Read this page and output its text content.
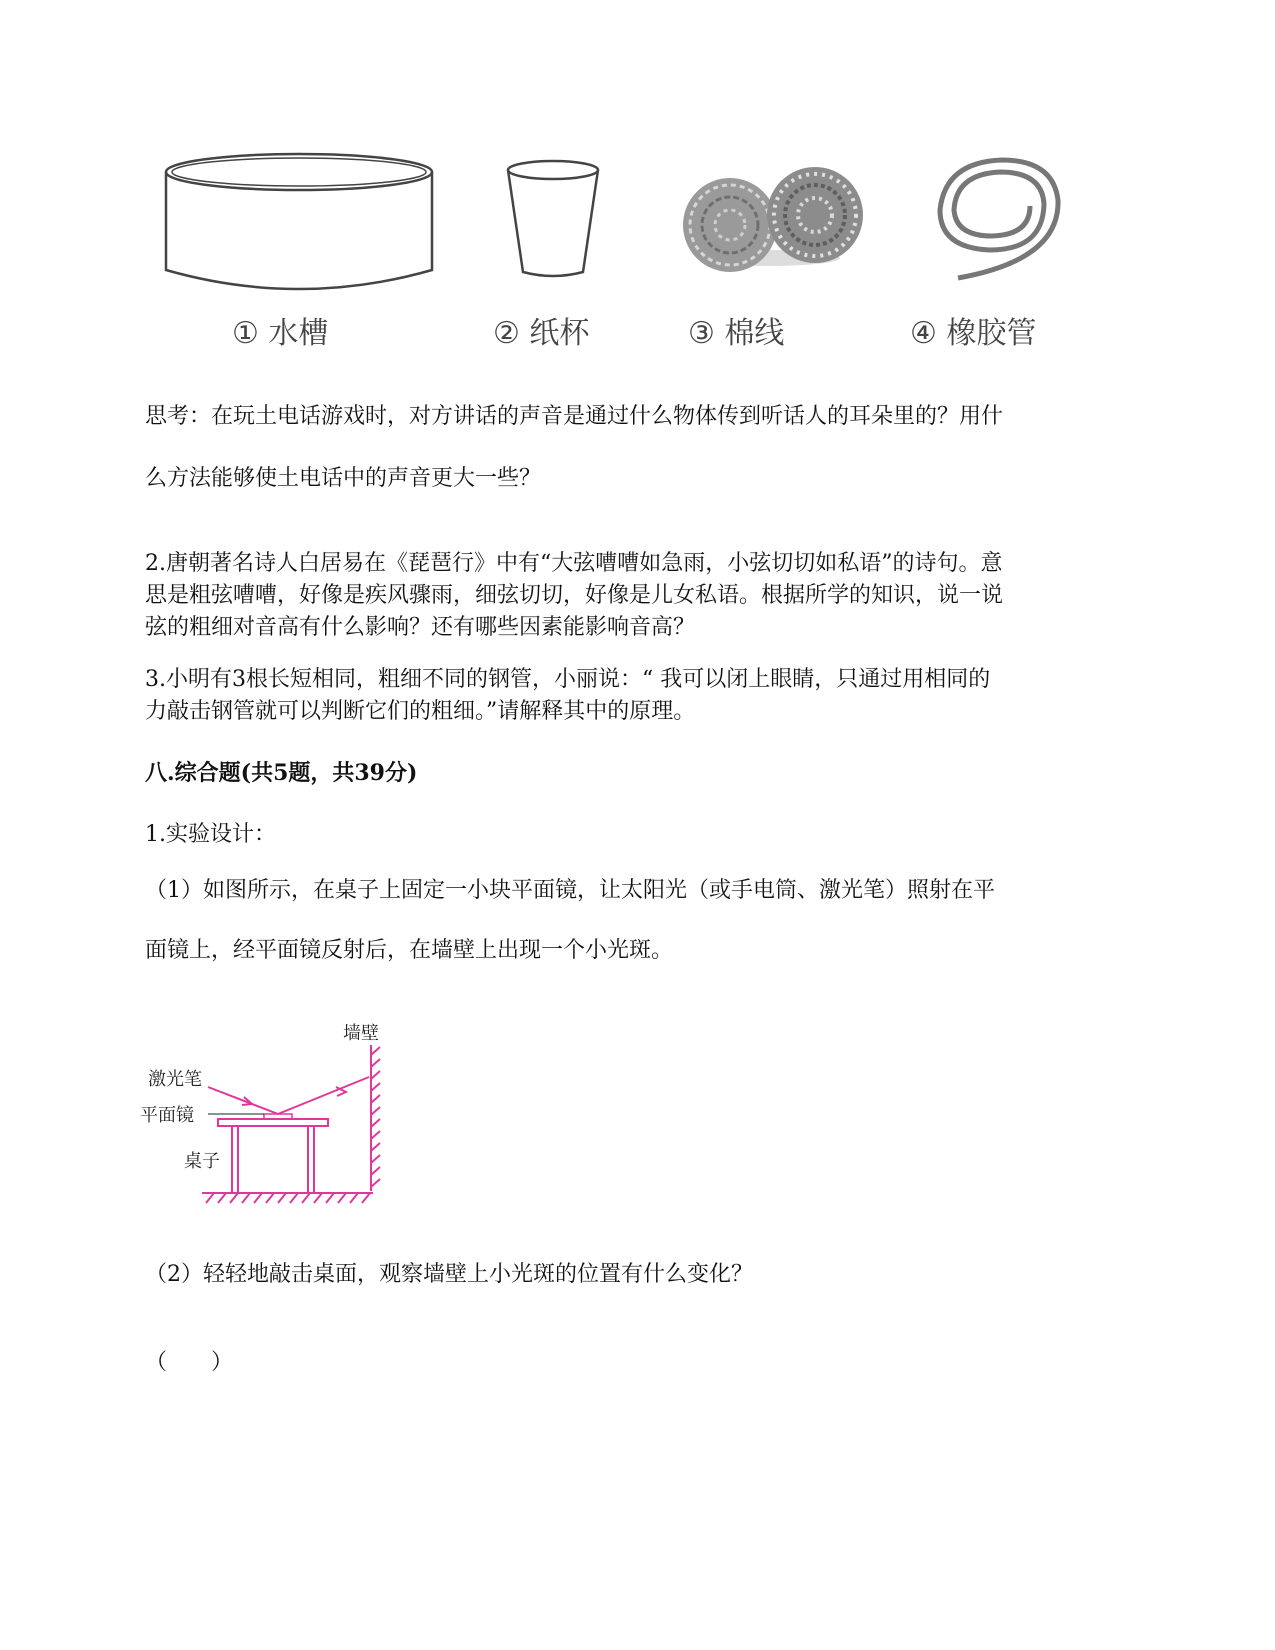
① 水槽	② 纸杯	③ 棉线	④ 橡胶管
思考：在玩土电话游戏时，对方讲话的声音是通过什么物体传到听话人的耳朵里的？用什
么方法能够使土电话中的声音更大一些？
2.唐朝著名诗人白居易在《琵琶行》中有“大弦嘈嘈如急雨，小弦切切如私语”的诗句。意
思是粗弦嘈嘈，好像是疾风骤雨，细弦切切，好像是儿女私语。根据所学的知识，说一说
弦的粗细对音高有什么影响？还有哪些因素能影响音高？
3.小明有3根长短相同，粗细不同的钢管，小丽说：“ 我可以闭上眼睛，只通过用相同的
力敲击钢管就可以判断它们的粗细。”请解释其中的原理。
八.综合题(共5题，共39分)
1.实验设计：
（1）如图所示，在桌子上固定一小块平面镜，让太阳光（或手电筒、激光笔）照射在平
面镜上，经平面镜反射后，在墙壁上出现一个小光斑。
墙壁
激光笔
平面镜
桌子
（2）轻轻地敲击桌面，观察墙壁上小光斑的位置有什么变化？
（　　）
